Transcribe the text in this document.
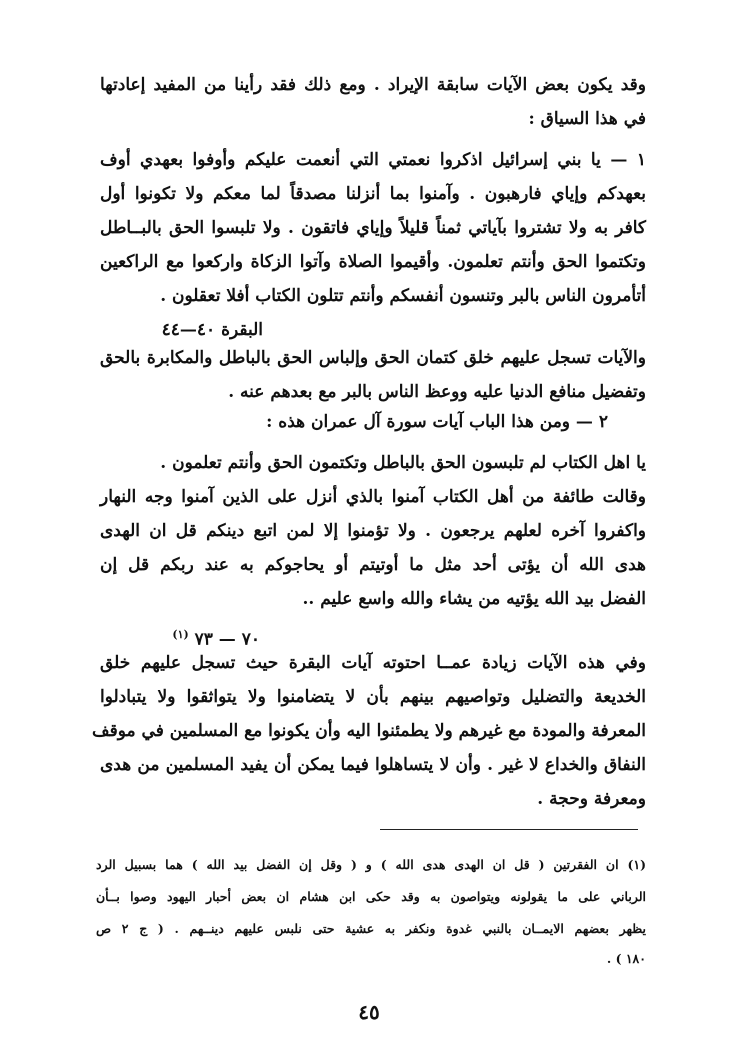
وقد يكون بعض الآيات سابقة الإيراد . ومع ذلك فقد رأينا من المفيد إعادتها

في هذا السياق :

١ — يا بني إسرائيل اذكروا نعمتي التي أنعمت عليكم وأوفوا بعهدي أوف

بعهدكم وإياي فارهبون . وآمنوا بما أنزلنا مصدقاً لما معكم ولا تكونوا أول

كافر به ولا تشتروا بآياتي ثمناً قليلاً وإياي فاتقون . ولا تلبسوا الحق بالبــاطل

وتكتموا الحق وأنتم تعلمون. وأقيموا الصلاة وآتوا الزكاة واركعوا مع الراكعين

أتأمرون الناس بالبر وتنسون أنفسكم وأنتم تتلون الكتاب أفلا تعقلون .

البقرة ٤٠—٤٤

والآيات تسجل عليهم خلق كتمان الحق وإلباس الحق بالباطل والمكابرة بالحق

وتفضيل منافع الدنيا عليه ووعظ الناس بالبر مع بعدهم عنه .

٢ — ومن هذا الباب آيات سورة آل عمران هذه :

يا اهل الكتاب لم تلبسون الحق بالباطل وتكتمون الحق وأنتم تعلمون .

وقالت طائفة من أهل الكتاب آمنوا بالذي أنزل على الذين آمنوا وجه النهار

واكفروا آخره لعلهم يرجعون . ولا تؤمنوا إلا لمن اتبع دينكم قل ان الهدى

هدى الله أن يؤتى أحد مثل ما أوتيتم أو يحاجوكم به عند ربكم قل إن

الفضل بيد الله يؤتيه من يشاء والله واسع عليم ..

٧٠ — ٧٣ $^{(١)}$

وفي هذه الآيات زيادة عمــا احتوته آيات البقرة حيث تسجل عليهم خلق

الخديعة والتضليل وتواصيهم بينهم بأن لا يتضامنوا ولا يتواثقوا ولا يتبادلوا

المعرفة والمودة مع غيرهم ولا يطمئنوا اليه وأن يكونوا مع المسلمين في موقف

النفاق والخداع لا غير . وأن لا يتساهلوا فيما يمكن أن يفيد المسلمين من هدى

ومعرفة وحجة .

(١) ان الفقرتين ( قل ان الهدى هدى الله ) و ( وقل إن الفضل بيد الله ) هما بسبيل الرد

الرباني على ما يقولونه ويتواصون به وقد حكى ابن هشام ان بعض أحبار اليهود وصوا بــأن

يظهر بعضهم الايمــان بالنبي غدوة ونكفر به عشية حتى نلبس عليهم دينــهم . ( ج ٢ ص

١٨٠ ) .

٤٥
